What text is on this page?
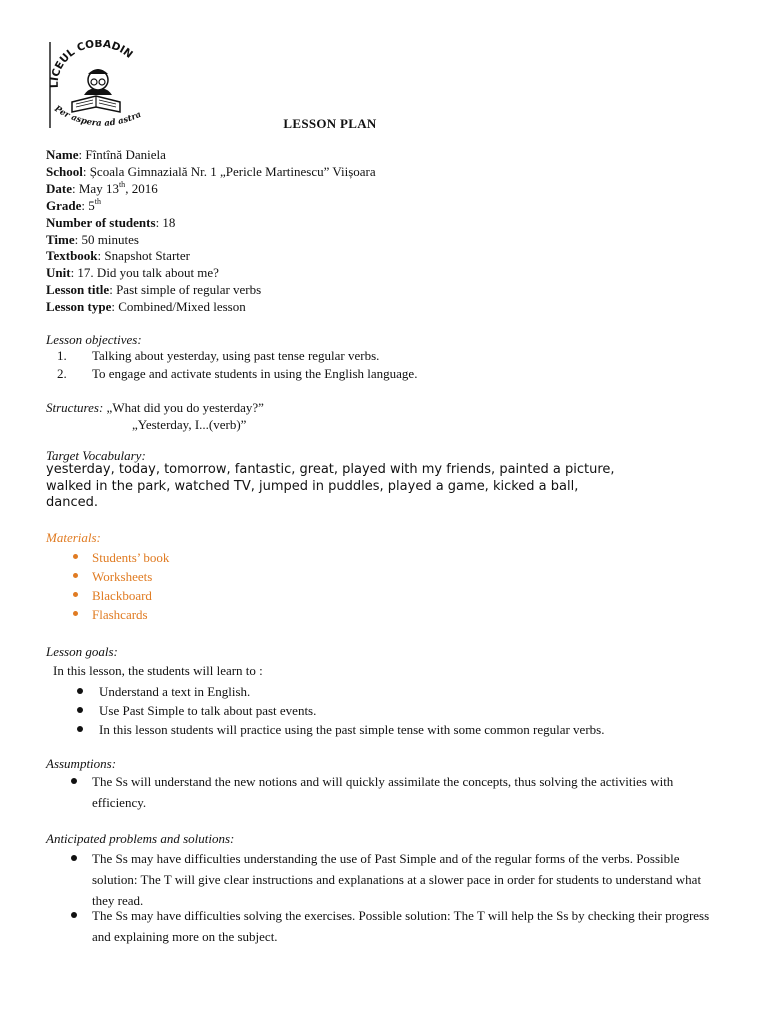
LICEUL COBADIN
Per aspera ad astra
LESSON PLAN
Name: Fîntînă Daniela
School: Școala Gimnazială Nr. 1 „Pericle Martinescu” Viișoara
Date: May 13th, 2016
Grade: 5th
Number of students: 18
Time: 50 minutes
Textbook: Snapshot Starter
Unit: 17. Did you talk about me?
Lesson title: Past simple of regular verbs
Lesson type: Combined/Mixed lesson
Lesson objectives:
1. Talking about yesterday, using past tense regular verbs.
2. To engage and activate students in using the English language.
Structures: „What did you do yesterday?”
„Yesterday, I...(verb)”
Target Vocabulary:
yesterday, today, tomorrow, fantastic, great, played with my friends, painted a picture,
walked in the park, watched TV, jumped in puddles, played a game, kicked a ball,
danced.
Materials:
Students’ book
Worksheets
Blackboard
Flashcards
Lesson goals:
In this lesson, the students will learn to :
Understand a text in English.
Use Past Simple to talk about past events.
In this lesson students will practice using the past simple tense with some common regular verbs.
Assumptions:
The Ss will understand the new notions and will quickly assimilate the concepts, thus solving the activities with efficiency.
Anticipated problems and solutions:
The Ss may have difficulties understanding the use of Past Simple and of the regular forms of the verbs. Possible solution: The T will give clear instructions and explanations at a slower pace in order for students to understand what they read.
The Ss may have difficulties solving the exercises. Possible solution: The T will help the Ss by checking their progress and explaining more on the subject.
